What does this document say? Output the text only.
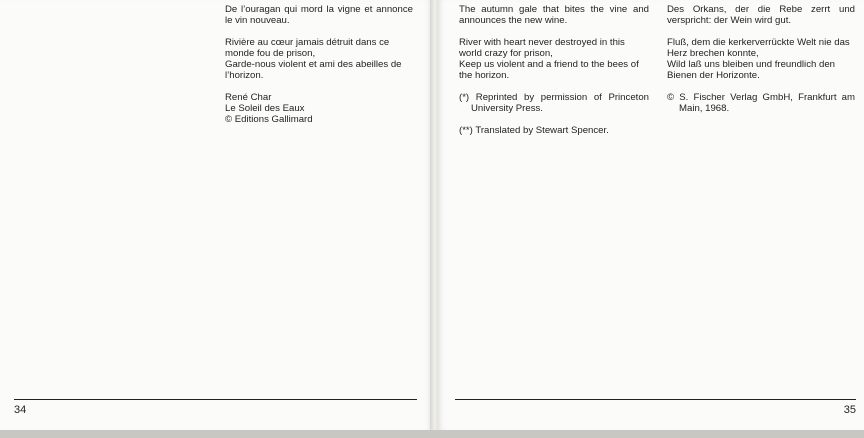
De l’ouragan qui mord la vigne et annonce le vin nouveau.

Rivière au cœur jamais détruit dans ce monde fou de prison,

Garde-nous violent et ami des abeilles de l’horizon.

René Char

Le Soleil des Eaux

© Editions Gallimard

34

The autumn gale that bites the vine and announces the new wine.

River with heart never destroyed in this world crazy for prison,

Keep us violent and a friend to the bees of the horizon.

(*) Reprinted by permission of Princeton University Press.

(**) Translated by Stewart Spencer.

Des Orkans, der die Rebe zerrt und verspricht: der Wein wird gut.

Fluß, dem die kerkerverrückte Welt nie das Herz brechen konnte,

Wild laß uns bleiben und freundlich den Bienen der Horizonte.

© S. Fischer Verlag GmbH, Frankfurt am Main, 1968.

35
